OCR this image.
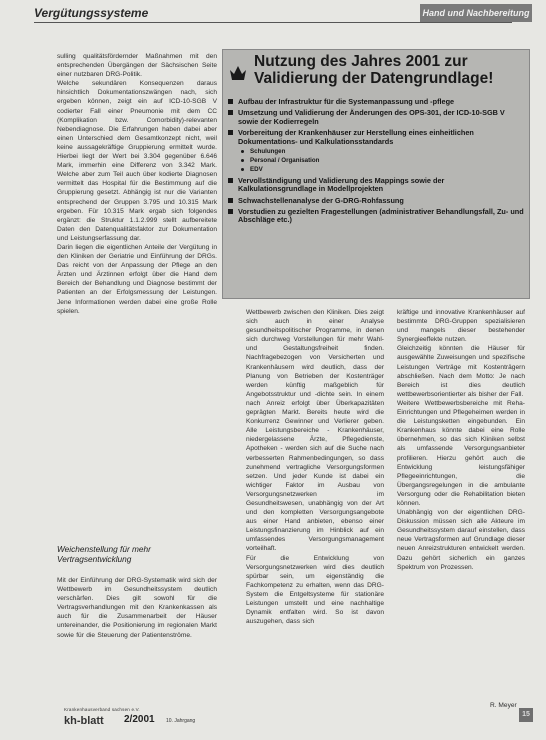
Vergütungssysteme	Hand und Nachbereitung

sulling qualitätsfördernder Maßnahmen mit den entsprechenden Übergängen der Sächsischen Seite einer nutzbaren DRG-Politik.

Welche sekundären Konsequenzen daraus hinsichtlich Dokumentationszwängen nach, sich ergeben können, zeigt ein auf ICD-10-SGB V codierter Fall einer Pneumonie mit dem CC (Komplikation bzw. Comorbidity)-relevanten Nebendiagnose. Die Erfahrungen haben dabei aber einen Unterschied dem Gesamtkonzept nicht, weil keine aussagekräftige Gruppierung ermittelt wurde. Hierbei liegt der Wert bei 3.304 gegenüber 6.646 Mark, immerhin eine Differenz von 3.342 Mark. Welche aber zum Teil auch über kodierte Diagnosen vermittelt das Hospital für die Bestimmung auf die Gruppierung gesetzt. Abhängig ist nur die Varianten entsprechend der Gruppen 3.795 und 10.315 Mark ergeben. Für 10.315 Mark ergab sich folgendes ergänzt: die Struktur 1.1.2.999 stellt aufbereitete Daten den Datenqualitätsfaktor zur Dokumentation und Leistungserfassung dar.

Darin liegen die eigentlichen Anteile der Vergütung in den Kliniken der Geriatrie und Einführung der DRGs. Das reicht von der Anpassung der Pflege an den Ärzten und Ärztinnen erfolgt über die Hand dem Bereich der Behandlung und Diagnose bestimmt der Patienten an der Erfolgsmessung der Leistungen. Jene Informationen werden dabei eine große Rolle spielen.

Weichenstellung für mehr Vertragsentwicklung

Mit der Einführung der DRG-Systematik wird sich der Wettbewerb im Gesundheitssystem deutlich verschärfen. Dies gilt sowohl für die Vertragsverhandlungen mit den Krankenkassen als auch für die Zusammenarbeit der Häuser untereinander, die Positionierung im regionalen Markt sowie für die Steuerung der Patientenströme.

Nutzung des Jahres 2001 zur Validierung der Datengrundlage!
Aufbau der Infrastruktur für die Systemanpassung und -pflege
Umsetzung und Validierung der Änderungen des OPS-301, der ICD-10-SGB V sowie der Kodierregeln
Vorbereitung der Krankenhäuser zur Herstellung eines einheitlichen Dokumentations- und Kalkulationsstandards
Schulungen
Personal / Organisation
EDV
Vervollständigung und Validierung des Mappings sowie der Kalkulationsgrundlage in Modellprojekten
Schwachstellenanalyse der G-DRG-Rohfassung
Vorstudien zu gezielten Fragestellungen (administrativer Behandlungsfall, Zu- und Abschläge etc.)

Wettbewerb zwischen den Kliniken. Dies zeigt sich auch in einer Analyse gesundheitspolitischer Programme, in denen sich durchweg Vorstellungen für mehr Wahl- und Gestaltungsfreiheit finden. Nachfragebezogen von Versicherten und Krankenhäusern wird deutlich, dass der Planung von Betrieben der Kostenträger werden künftig maßgeblich für Angebotsstruktur und -dichte sein. In einem nach Anreiz erfolgt über Überkapazitäten geprägten Markt. Bereits heute wird die Konkurrenz Gewinner und Verlierer geben. Alle Leistungsbereiche - Krankenhäuser, niedergelassene Ärzte, Pflegedienste, Apotheken - werden sich auf die Suche nach verbesserten Rahmenbedingungen, so dass zunehmend vertragliche Versorgungsformen setzen. Und jeder Kunde ist dabei ein wichtiger Faktor im Ausbau von Versorgungsnetzwerken im Gesundheitswesen, unabhängig von der Art und den kompletten Versorgungsangebote aus einer Hand anbieten, ebenso einer Leistungsfinanzierung im Hinblick auf ein umfassendes Versorgungsmanagement vorteilhaft.

Für die Entwicklung von Versorgungsnetzwerken wird dies deutlich spürbar sein, um eigenständig die Fachkompetenz zu erhalten, wenn das DRG-System die Entgeltsysteme für stationäre Leistungen umstellt und eine nachhaltige Dynamik entfalten wird. So ist davon auszugehen, dass sich

kräftige und innovative Krankenhäuser auf bestimmte DRG-Gruppen spezialisieren und mangels dieser bestehender Synergieeffekte nutzen.

Gleichzeitig könnten die Häuser für ausgewählte Zuweisungen und spezifische Leistungen Verträge mit Kostenträgern abschließen. Nach dem Motto: Je nach Bereich ist dies deutlich wettbewerbsorientierter als bisher der Fall.

Weitere Wettbewerbsbereiche mit Reha-Einrichtungen und Pflegeheimen werden in die Leistungsketten eingebunden. Ein Krankenhaus könnte dabei eine Rolle übernehmen, so das sich Kliniken selbst als umfassende Versorgungsanbieter profilieren. Hierzu gehört auch die Entwicklung leistungsfähiger Pflegeeinrichtungen, die Übergangsregelungen in die ambulante Versorgung oder die Rehabilitation bieten können.

Unabhängig von der eigentlichen DRG-Diskussion müssen sich alle Akteure im Gesundheitssystem darauf einstellen, dass neue Vertragsformen auf Grundlage dieser neuen Anreizstrukturen entwickelt werden. Dazu gehört sicherlich ein ganzes Spektrum von Prozessen.

R. Meyer
Krankenhausverband sachsen e.V.
kh-blatt 2/2001 10. Jahrgang
15
